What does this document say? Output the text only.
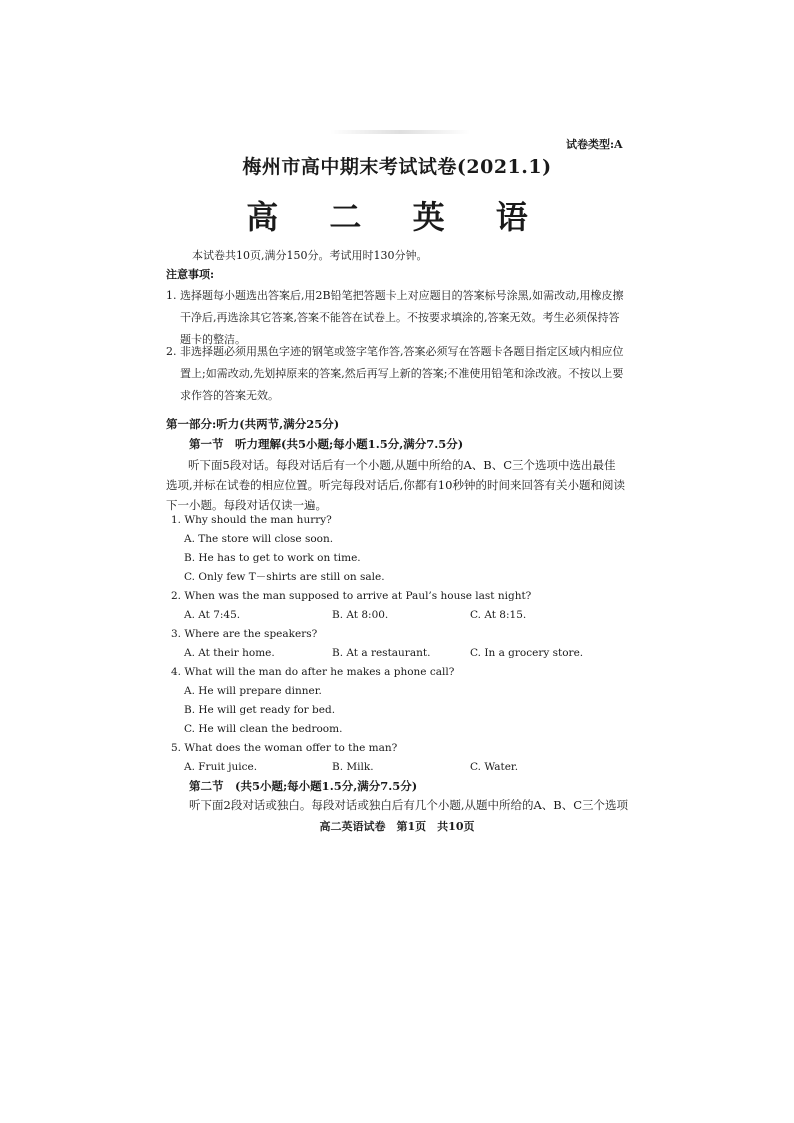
试卷类型:A
梅州市高中期末考试试卷(2021.1)
高 二 英 语
本试卷共10页,满分150分。考试用时130分钟。
注意事项:
1. 选择题每小题选出答案后,用2B铅笔把答题卡上对应题目的答案标号涂黑,如需改动,用橡皮擦干净后,再选涂其它答案,答案不能答在试卷上。不按要求填涂的,答案无效。考生必须保持答题卡的整洁。
2. 非选择题必须用黑色字迹的钢笔或签字笔作答,答案必须写在答题卡各题目指定区域内相应位置上;如需改动,先划掉原来的答案,然后再写上新的答案;不准使用铅笔和涂改液。不按以上要求作答的答案无效。
第一部分:听力(共两节,满分25分)
第一节　听力理解(共5小题;每小题1.5分,满分7.5分)
听下面5段对话。每段对话后有一个小题,从题中所给的A、B、C三个选项中选出最佳选项,并标在试卷的相应位置。听完每段对话后,你都有10秒钟的时间来回答有关小题和阅读下一小题。每段对话仅读一遍。
1. Why should the man hurry?
A. The store will close soon.
B. He has to get to work on time.
C. Only few T－shirts are still on sale.
2. When was the man supposed to arrive at Paul’s house last night?
A. At 7:45.	B. At 8:00.	C. At 8:15.
3. Where are the speakers?
A. At their home.	B. At a restaurant.	C. In a grocery store.
4. What will the man do after he makes a phone call?
A. He will prepare dinner.
B. He will get ready for bed.
C. He will clean the bedroom.
5. What does the woman offer to the man?
A. Fruit juice.	B. Milk.	C. Water.
第二节　(共5小题;每小题1.5分,满分7.5分)
听下面2段对话或独白。每段对话或独白后有几个小题,从题中所给的A、B、C三个选项
高二英语试卷　第1页　共10页
